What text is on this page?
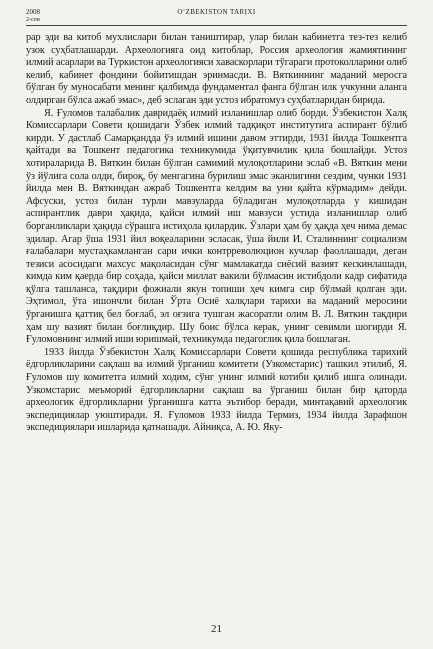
2008
2-сон
O‘ZBEKISTON TARIXI

рар эди ва китоб мухлислари билан таништирар, улар билан кабинетга тез-тез келиб узок суҳбатлашарди. Археологияга оид китоблар, Россия археология жамиятининг илмий асарлари ва Туркистон археологияси хаваскорлари тўгараги протоколларини олиб келиб, кабинет фондини бойитишдан эринмасди. В. Вяткиннинг маданий меросга бўлган бу муносабати менинг қалбимда фундаментал фанга бўлган илк учкунни аланга олдирган бўлса ажаб эмас», деб эслаган эди устоз ибратомуз суҳбатларидан бирида.

Я. Ғуломов талабалик давридаёқ илмий изланишлар олиб борди. Ўзбекистон Халқ Комиссарлари Совети қошидаги Ўзбек илмий тадқиқот институтига аспирант бўлиб кирди. У дастлаб Самарқандда ўз илмий ишини давом эттирди, 1931 йилда Тошкентга қайтади ва Тошкент педагогика техникумида ўқитувчилик қила бошлайди. Устоз хотираларида В. Вяткин билан бўлган самимий мулоқотларини эслаб «В. Вяткин мени ўз йўлига сола олди, бироқ, бу менгагина бурилиш эмас эканлигини сездим, чунки 1931 йилда мен В. Вяткиндан ажраб Тошкентга келдим ва уни қайта кўрмадим» дейди. Афсуски, устоз билан турли мавзуларда бўладиган мулоқотларда у кишидан аспирантлик даври ҳақида, қайси илмий иш мавзуси устида изланишлар олиб борганликлари ҳақида сўрашга истиҳола қилардик. Ўзлари ҳам бу ҳақда ҳеч нима демас эдилар. Агар ўша 1931 йил воқеаларини эсласак, ўша йили И. Сталиннинг социализм ғалабалари мустаҳкамланган сари ички контрреволюцион кучлар фаоллашади, деган тезиси асосидаги махсус мақоласидан сўнг мамлакатда сиёсий вазият кескинлашади, кимда ким қаерда бир соҳада, қайси миллат вакили бўлмасин истибдоли кадр сифатида қўлга ташланса, тақдири фожиали якун топиши ҳеч кимга сир бўлмай қолган эди. Эҳтимол, ўта ишончли билан Ўрта Осиё халқлари тарихи ва маданий меросини ўрганишга қаттиқ бел боғлаб, эл оғзига тушган жасоратли олим В. Л. Вяткин тақдири ҳам шу вазият билан боғлиқдир. Шу боис бўлса керак, унинг севимли шогирди Я. Ғуломовнинг илмий иши юришмай, техникумда педагоглик қила бошлаган.

1933 йилда Ўзбекистон Халқ Комиссарлари Совети қошида республика тарихий ёдгорликларини сақлаш ва илмий ўрганиш комитети (Узкомстарис) ташкил этилиб, Я. Ғуломов шу комитетга илмий ходим, сўнг унинг илмий котиби қилиб ишга олинади. Узкомстарис меъморий ёдгорликларни сақлаш ва ўрганиш билан бир қаторда археологик ёдгорликларни ўрганишга катта эътибор беради, минтақавий археологик экспедициялар уюштиради. Я. Ғуломов 1933 йилда Термиз, 1934 йилда Зарафшон экспедициялари ишларида қатнашади. Айниқса, А. Ю. Яку-

21
